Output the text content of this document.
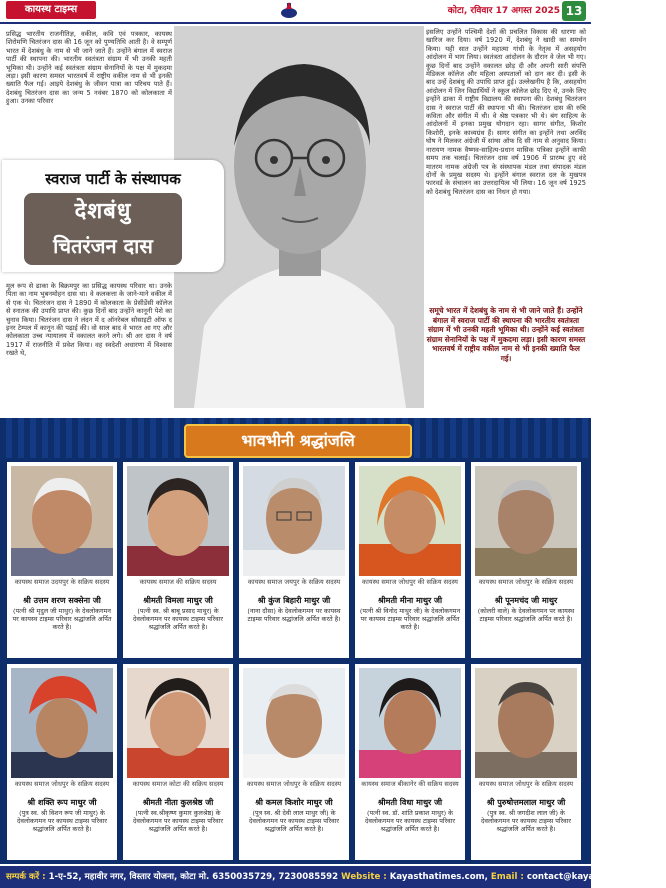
कायस्थ टाइम्स	कोटा, रविवार 17 अगस्त 2025 13
प्रसिद्ध भारतीय राजनीतिज्ञ, वकील, कवि एवं पत्रकार, कायस्थ शिरोमणि चितरंजन दास की 16 जून को पुण्यतिथि आती है। वे सम्पूर्ण भारत में देशबंधु के नाम से भी जाने जाते हैं। उन्होंने बंगाल में स्वराज पार्टी की स्थापना की। भारतीय स्वतंत्रता संग्राम में भी उनकी महती भूमिका थी। उन्होंने कई स्वतंत्रता संग्राम सेनानियों के पक्ष में मुकदमा लड़ा। इसी कारण समस्त भारतवर्ष में राष्ट्रीय वकील नाम से भी इनकी ख्याति फैल गई। आइये देशबंधु के जीवन यात्रा का परिचय पाते हैं। देशबंधु चितरंजन दास का जन्म 5 नवंबर 1870 को कोलकाता में हुआ। उनका परिवार
मूल रूप से ढाका के बिक्रमपुर का प्रसिद्ध कायस्थ परिवार था। उनके पिता का नाम भुबनमोहन दास था। वे कलकत्ता के जाने-माने वकील में से एक थे। चितरंजन दास ने 1890 में कोलकाता के प्रेसीडेंसी कॉलेज से स्नातक की उपाधि प्राप्त की। कुछ दिनों बाद उन्होंने कानूनी पेशे का चुनाव किया। चितरंजन दास ने लंदन में द ऑनरेबल सोसाइटी ऑफ द इनर टेम्पल में कानून की पढ़ाई की। वो साल बाद वे भारत आ गए और कोलकाता उच्च न्यायालय में वकालत करने लगे। श्री अर दास ने वर्ष 1917 में राजनीति में प्रवेश किया। वह स्वदेशी अधारणा में विश्वास रखते थे,
इसलिए उन्होंने पश्चिमी देशों की प्रचलित विकास की धारणा को खारिज कर दिया। वर्ष 1920 में, देशबंधु ने खादी का समर्थन किया। यही सात उन्होंने महात्मा गांधी के नेतृत्व में असहयोग आंदोलन में भाग लिया। स्वतंत्रता आंदोलन के दौरान वे जेल भी गए। कुछ दिनों बाद उन्होंने वकालत छोड़ दी और अपनी सारी संपत्ति मेडिकल कॉलेज और महिला अस्पतालों को दान कर दी। इसी के बाद उन्हें देशबंधु की उपाधि प्राप्त हुई। उल्लेखनीय है कि, असहयोग आंदोलन में जिन विद्यार्थियों ने स्कूल कॉलेज छोड़ दिए थे, उनके लिए इन्होंने ढाका में राष्ट्रीय विद्यालय की स्थापना की। देशबंधु चितरंजन दास ने स्वराज पार्टी की स्थापना भी की। चितरंजन दास की रुचि कविता और संगीत में थी। वे श्रेष्ठ पत्रकार भी थे। बंग साहित्य के आंदोलनों में इनका प्रमुख योगदान रहा। सागर संगीत, किशोर किशोरी, इनके काव्यग्रंथ हैं। सागर संगीत का इन्होंने तथा अरविंद घोष ने मिलकर अंग्रेजी में सांग्स ऑफ दि सी नाम से अनुवाद किया। नारायण नामक वैष्णव-साहित्य-प्रधान मासिक पत्रिका इन्होंने काफी समय तक चलाई। चितरंजन दास वर्ष 1906 में प्रारम्भ हुए वंदे मातरम नामक अंग्रेजी पत्र के संस्थापक मंडल तथा संपादक मंडल दोनों के प्रमुख सदस्य थे। इन्होंने बंगाल स्वराज दल के मुखपत्र फारवर्ड के संचालन का उत्तरदायित्व भी लिया। 16 जून वर्ष 1925 को देशबंधु चितरंजन दास का निधन हो गया।
समूचे भारत में देशबंधु के नाम से भी जाने जाते हैं। उन्होंने बंगाल में स्वराज पार्टी की स्थापना की भारतीय स्वतंत्रता संग्राम में भी उनकी महती भूमिका थी। उन्होंने कई स्वतंत्रता संग्राम सेनानियों के पक्ष में मुकदमा लड़ा। इसी कारण समस्त भारतवर्ष में राष्ट्रीय वकील नाम से भी इनकी ख्याति फैल गई।
स्वराज पार्टी के संस्थापक
देशबंधु
चितरंजन दास
भावभीनी श्रद्धांजलि
कायस्थ समाज उदयपुर के सक्रिय सदस्य
श्री उत्तम शरण सक्सेना जी
(पत्नी श्री मृदुल जी माथुर) के देवलोकगमन पर कायस्थ टाइम्स परिवार श्रद्धांजलि अर्पित करते है।
कायस्थ समाज की सक्रिय सदस्य
श्रीमती विमला माथुर जी
(पत्नी स्व. श्री बाबू प्रसाद माथुर) के देवलोकगमन पर कायस्थ टाइम्स परिवार श्रद्धांजलि अर्पित करते है।
कायस्थ समाज जयपुर के सक्रिय सदस्य
श्री कुंज बिहारी माथुर जी
(नाना दौसा) के देवलोकगमन पर कायस्थ टाइम्स परिवार श्रद्धांजलि अर्पित करते है।
कायस्थ समाज जोधपुर की सक्रिय सदस्य
श्रीमती मीना माथुर जी
(पत्नी श्री विनोद माथुर जी) के देवलोकगमन पर कायस्थ टाइम्स परिवार श्रद्धांजलि अर्पित करते है।
कायस्थ समाज जोधपुर के सक्रिय सदस्य
श्री पूनमचंद जी माथुर
(कोलरी वाले) के देवलोकगमन पर कायस्थ टाइम्स परिवार श्रद्धांजलि अर्पित करते है।
कायस्थ समाज जोधपुर के सक्रिय सदस्य
श्री शक्ति रूप माथुर जी
(पुत्र स्व. श्री विशन रूप जी माथुर) के देवलोकगमन पर कायस्थ टाइम्स परिवार श्रद्धांजलि अर्पित करते है।
कायस्थ समाज कोटा की सक्रिय सदस्य
श्रीमती नीता कुलश्रेष्ठ जी
(पत्नी स्व.श्रीकृष्ण कुमार कुलश्रेष्ठ) के देवलोकगमन पर कायस्थ टाइम्स परिवार श्रद्धांजलि अर्पित करते है।
कायस्थ समाज जोधपुर के सक्रिय सदस्य
श्री कमल किशोर माथुर जी
(पुत्र स्व. श्री देवी लाल माथुर जी) के देवलोकगमन पर कायस्थ टाइम्स परिवार श्रद्धांजलि अर्पित करते है।
कायस्थ समाज बीकानेर की सक्रिय सदस्य
श्रीमती विधा माथुर जी
(पत्नी स्व. डॉ. शांति प्रकाश माथुर) के देवलोकगमन पर कायस्थ टाइम्स परिवार श्रद्धांजलि अर्पित करते है।
कायस्थ समाज जोधपुर के सक्रिय सदस्य
श्री पुरुषोत्तमलाल माथुर जी
(पुत्र स्व. श्री जगदीश लाल जी) के देवलोकगमन पर कायस्थ टाइम्स परिवार श्रद्धांजलि अर्पित करते है।
सम्पर्क करें : 1-ए-52, महावीर नगर, विस्तार योजना, कोटा मो. 6350035729, 7230085592 Website : Kayasthatimes.com, Email : contact@kayasthatimes.com
